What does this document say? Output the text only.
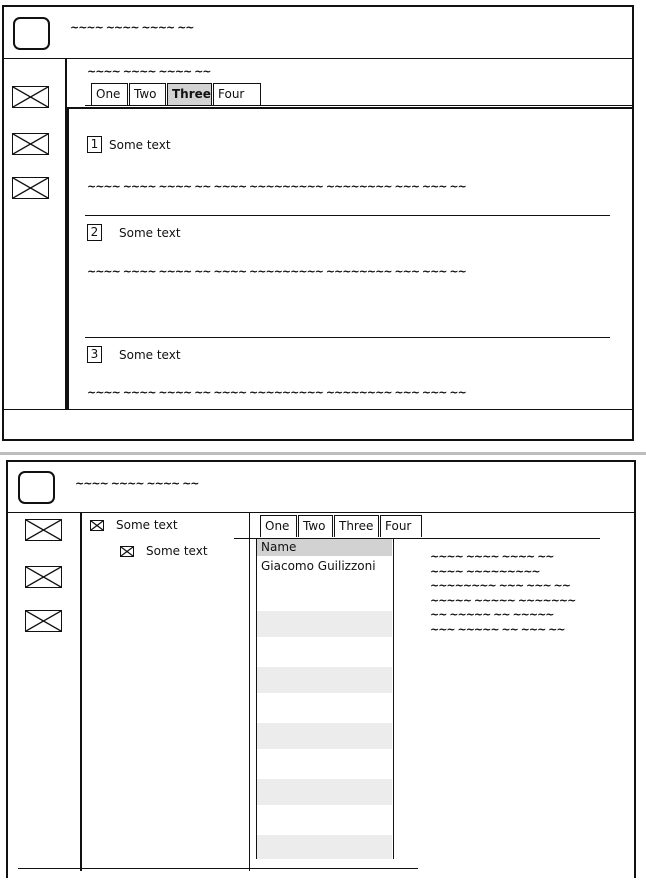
~~~~ ~~~~ ~~~~ ~~
~~~~ ~~~~ ~~~~ ~~
One	Two	Three Four
1 Some text
~~~~ ~~~~ ~~~~ ~~ ~~~~ ~~~~~~~~~ ~~~~~~~~ ~~~ ~~~ ~~
2	Some text
~~~~ ~~~~ ~~~~ ~~ ~~~~ ~~~~~~~~~ ~~~~~~~~ ~~~ ~~~ ~~
3	Some text
~~~~ ~~~~ ~~~~ ~~ ~~~~ ~~~~~~~~~ ~~~~~~~~ ~~~ ~~~ ~~
~~~~ ~~~~ ~~~~ ~~
Some text
Some text
One	Two	Three Four
Name
Giacomo Guilizzoni
~~~~ ~~~~ ~~~~ ~~
~~~~ ~~~~~~~~~
~~~~~~~~ ~~~ ~~~ ~~
~~~~~ ~~~~~ ~~~~~~~
~~ ~~~~~ ~~ ~~~~~
~~~ ~~~~~ ~~ ~~~ ~~
